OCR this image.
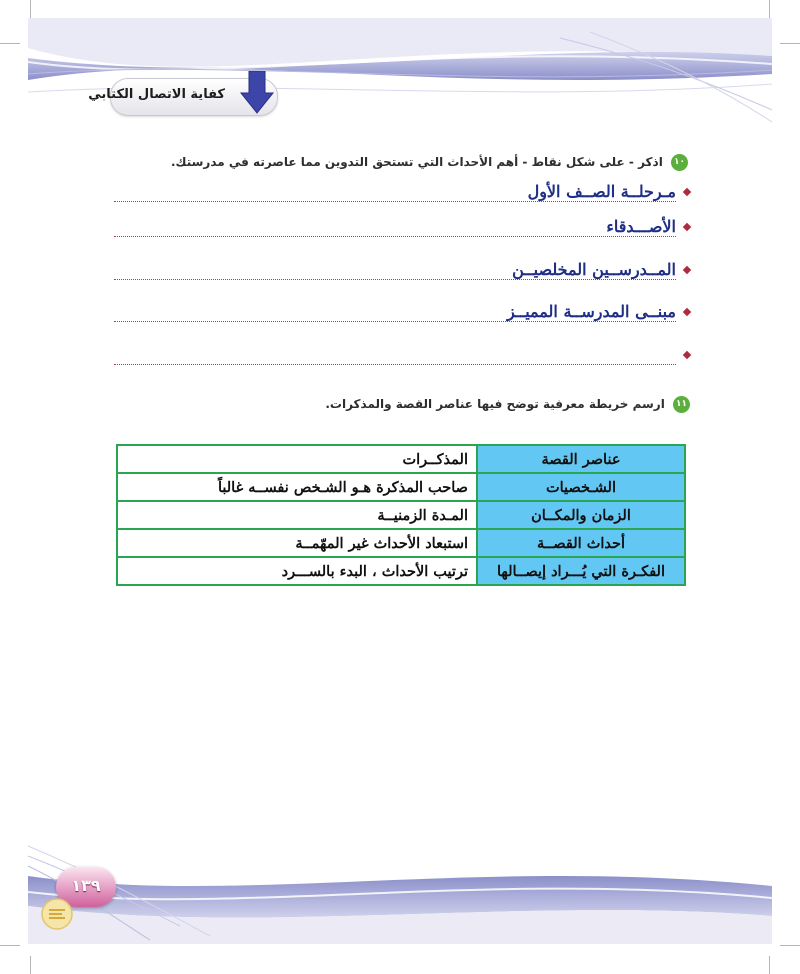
كفاية الاتصال الكتابي
١٠ اذكر - على شكل نقاط - أهم الأحداث التي تستحق التدوين مما عاصرته في مدرستك.
مـرحلــة الصــف الأول
الأصـــدقاء
المــدرســين المخلصيــن
مبنــى المدرســة المميــز
١١ ارسم خريطة معرفية توضح فيها عناصر القصة والمذكرات.
عناصر القصة	المذكــرات
الشـخصيات	صاحب المذكرة هـو الشـخص نفســه غالباً
الزمان والمكــان	المـدة الزمنيــة
أحداث القصــة	استبعاد الأحداث غير المهّمــة
الفكـرة التي يُـــراد إيصــالها	ترتيب الأحداث ، البدء بالســـرد
١٣٩
